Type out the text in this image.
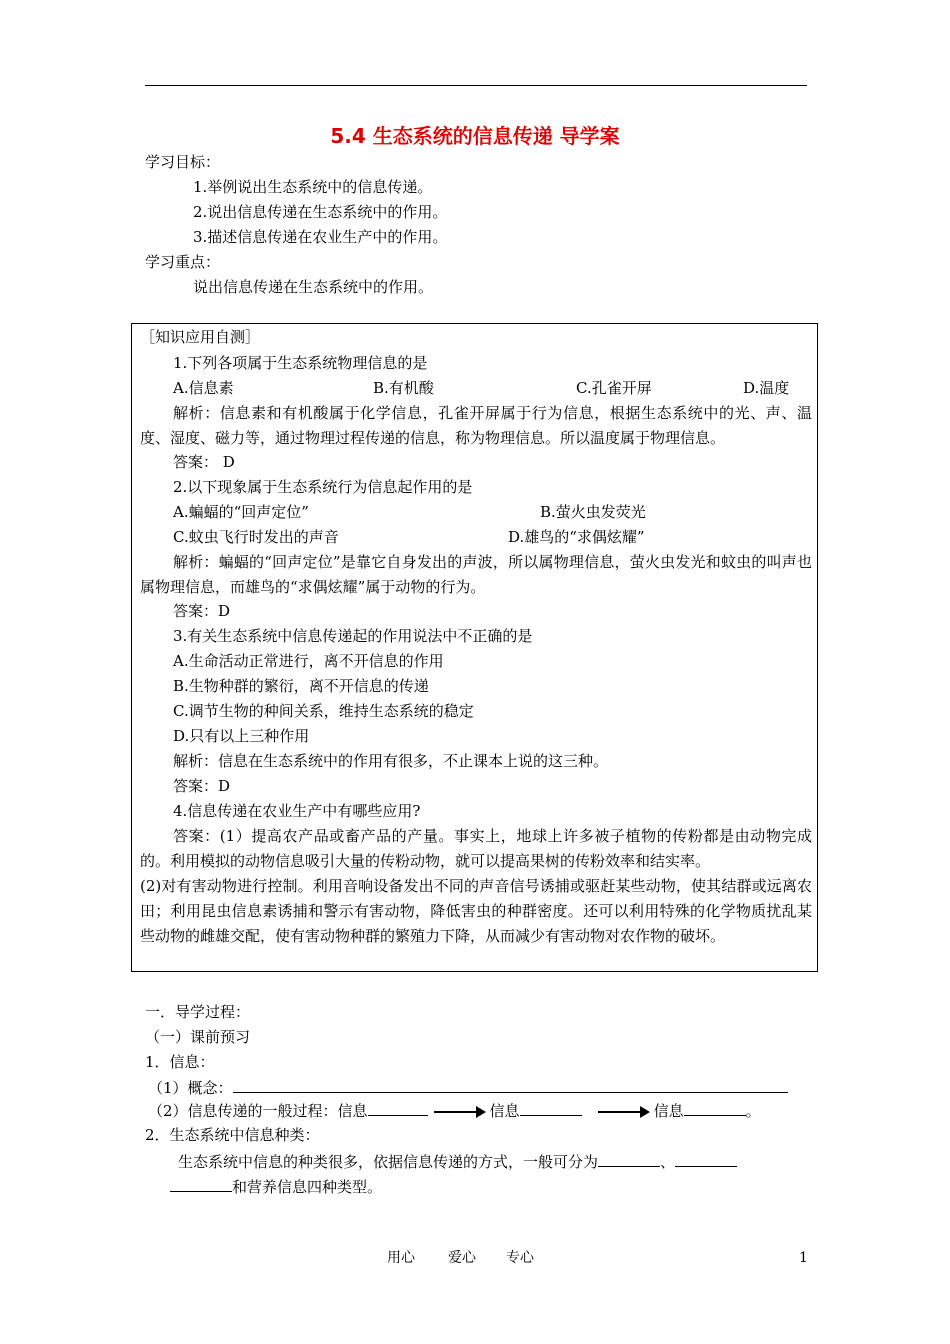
5.4 生态系统的信息传递 导学案
学习目标：
1.举例说出生态系统中的信息传递。
2.说出信息传递在生态系统中的作用。
3.描述信息传递在农业生产中的作用。
学习重点：
说出信息传递在生态系统中的作用。
［知识应用自测］
1.下列各项属于生态系统物理信息的是
A.信息素	B.有机酸	C.孔雀开屏	D.温度
解析：信息素和有机酸属于化学信息，孔雀开屏属于行为信息，根据生态系统中的光、声、温度、湿度、磁力等，通过物理过程传递的信息，称为物理信息。所以温度属于物理信息。
答案： D
2.以下现象属于生态系统行为信息起作用的是
A.蝙蝠的“回声定位”	B.萤火虫发荧光
C.蚊虫飞行时发出的声音	D.雄鸟的“求偶炫耀”
解析：蝙蝠的“回声定位”是靠它自身发出的声波，所以属物理信息，萤火虫发光和蚊虫的叫声也属物理信息，而雄鸟的“求偶炫耀”属于动物的行为。
答案：D
3.有关生态系统中信息传递起的作用说法中不正确的是
A.生命活动正常进行，离不开信息的作用
B.生物种群的繁衍，离不开信息的传递
C.调节生物的种间关系，维持生态系统的稳定
D.只有以上三种作用
解析：信息在生态系统中的作用有很多，不止课本上说的这三种。
答案：D
4.信息传递在农业生产中有哪些应用?
答案：(1）提高农产品或畜产品的产量。事实上，地球上许多被子植物的传粉都是由动物完成的。利用模拟的动物信息吸引大量的传粉动物，就可以提高果树的传粉效率和结实率。
(2)对有害动物进行控制。利用音响设备发出不同的声音信号诱捕或驱赶某些动物，使其结群或远离农田；利用昆虫信息素诱捕和警示有害动物，降低害虫的种群密度。还可以利用特殊的化学物质扰乱某些动物的雌雄交配，使有害动物种群的繁殖力下降，从而减少有害动物对农作物的破坏。
一．导学过程：
（一）课前预习
1．信息：
（1）概念：
（2）信息传递的一般过程：信息	信息	信息	。
2．生态系统中信息种类：
生态系统中信息的种类很多，依据信息传递的方式，一般可分为	、
和营养信息四种类型。
用心 爱心 专心	1
